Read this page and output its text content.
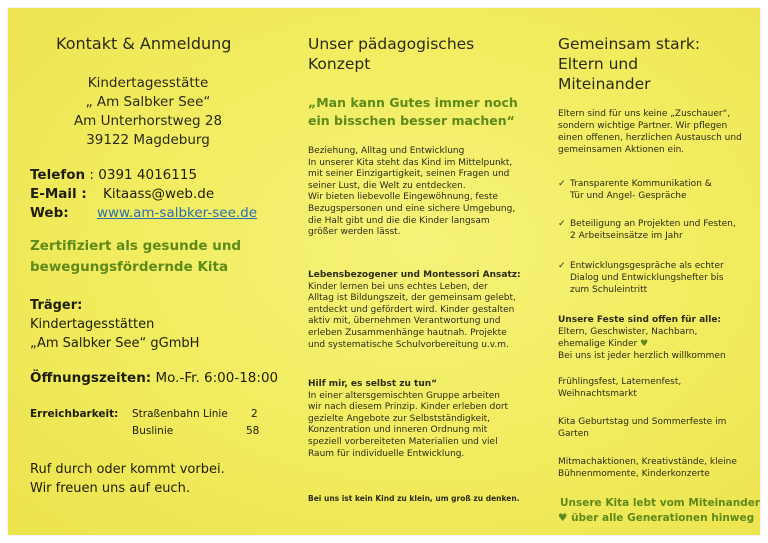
Kontakt & Anmeldung

Kindertagesstätte

„ Am Salbker See“

Am Unterhorstweg 28

39122 Magdeburg

Telefon : 0391 4016115
E-Mail : Kitaass@web.de
Web: www.am-salbker-see.de
Zertifiziert als gesunde und
bewegungsfördernde Kita
Träger:
Kindertagesstätten
„Am Salbker See“ gGmbH
Öffnungszeiten: Mo.-Fr. 6:00-18:00
Erreichbarkeit: Straßenbahn Linie 2
Buslinie	58
Ruf durch oder kommt vorbei.
Wir freuen uns auf euch.
Unser pädagogisches
Konzept
„Man kann Gutes immer noch
ein bisschen besser machen“
Beziehung, Alltag und Entwicklung
In unserer Kita steht das Kind im Mittelpunkt,
mit seiner Einzigartigkeit, seinen Fragen und
seiner Lust, die Welt zu entdecken.
Wir bieten liebevolle Eingewöhnung, feste
Bezugspersonen und eine sichere Umgebung,
die Halt gibt und die die Kinder langsam
größer werden lässt.
Lebensbezogener und Montessori Ansatz:
Kinder lernen bei uns echtes Leben, der
Alltag ist Bildungszeit, der gemeinsam gelebt,
entdeckt und gefördert wird. Kinder gestalten
aktiv mit, übernehmen Verantwortung und
erleben Zusammenhänge hautnah. Projekte
und systematische Schulvorbereitung u.v.m.
Hilf mir, es selbst zu tun“
In einer altersgemischten Gruppe arbeiten
wir nach diesem Prinzip. Kinder erleben dort
gezielte Angebote zur Selbstständigkeit,
Konzentration und inneren Ordnung mit
speziell vorbereiteten Materialien und viel
Raum für individuelle Entwicklung.
Bei uns ist kein Kind zu klein, um groß zu denken.
Gemeinsam stark:
Eltern und
Miteinander
Eltern sind für uns keine „Zuschauer“,
sondern wichtige Partner. Wir pflegen
einen offenen, herzlichen Austausch und
gemeinsamen Aktionen ein.
✓ Transparente Kommunikation &
Tür und Angel- Gespräche
✓ Beteiligung an Projekten und Festen,
2 Arbeitseinsätze im Jahr
✓ Entwicklungsgespräche als echter
Dialog und Entwicklungshefter bis
zum Schuleintritt
Unsere Feste sind offen für alle:
Eltern, Geschwister, Nachbarn,
ehemalige Kinder ♥
Bei uns ist jeder herzlich willkommen
Frühlingsfest, Laternenfest,
Weihnachtsmarkt
Kita Geburtstag und Sommerfeste im
Garten
Mitmachaktionen, Kreativstände, kleine
Bühnenmomente, Kinderkonzerte
Unsere Kita lebt vom Miteinander
♥ über alle Generationen hinweg
